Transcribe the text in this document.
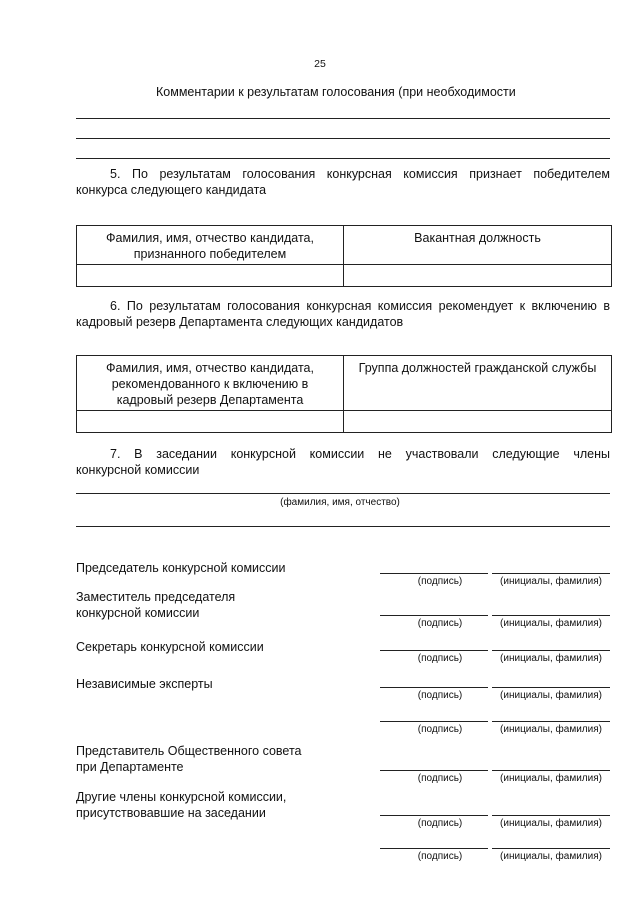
25
Комментарии к результатам голосования (при необходимости
5. По результатам голосования конкурсная комиссия признает победителем
конкурса следующего кандидата
Фамилия, имя, отчество кандидата,
признанного победителем	Вакантная должность

6. По результатам голосования конкурсная комиссия рекомендует к включению в
кадровый резерв Департамента следующих кандидатов
Фамилия, имя, отчество кандидата,
рекомендованного к включению в
кадровый резерв Департамента	Группа должностей гражданской службы

7. В заседании конкурсной комиссии не участвовали следующие члены
конкурсной комиссии
(фамилия, имя, отчество)
Председатель конкурсной комиссии
(подпись)	(инициалы, фамилия)
Заместитель председателя
конкурсной комиссии
(подпись)	(инициалы, фамилия)
Секретарь конкурсной комиссии
(подпись)	(инициалы, фамилия)
Независимые эксперты
(подпись)	(инициалы, фамилия)
(подпись)	(инициалы, фамилия)
Представитель Общественного совета
при Департаменте
(подпись)	(инициалы, фамилия)
Другие члены конкурсной комиссии,
присутствовавшие на заседании
(подпись)	(инициалы, фамилия)
(подпись)	(инициалы, фамилия)
